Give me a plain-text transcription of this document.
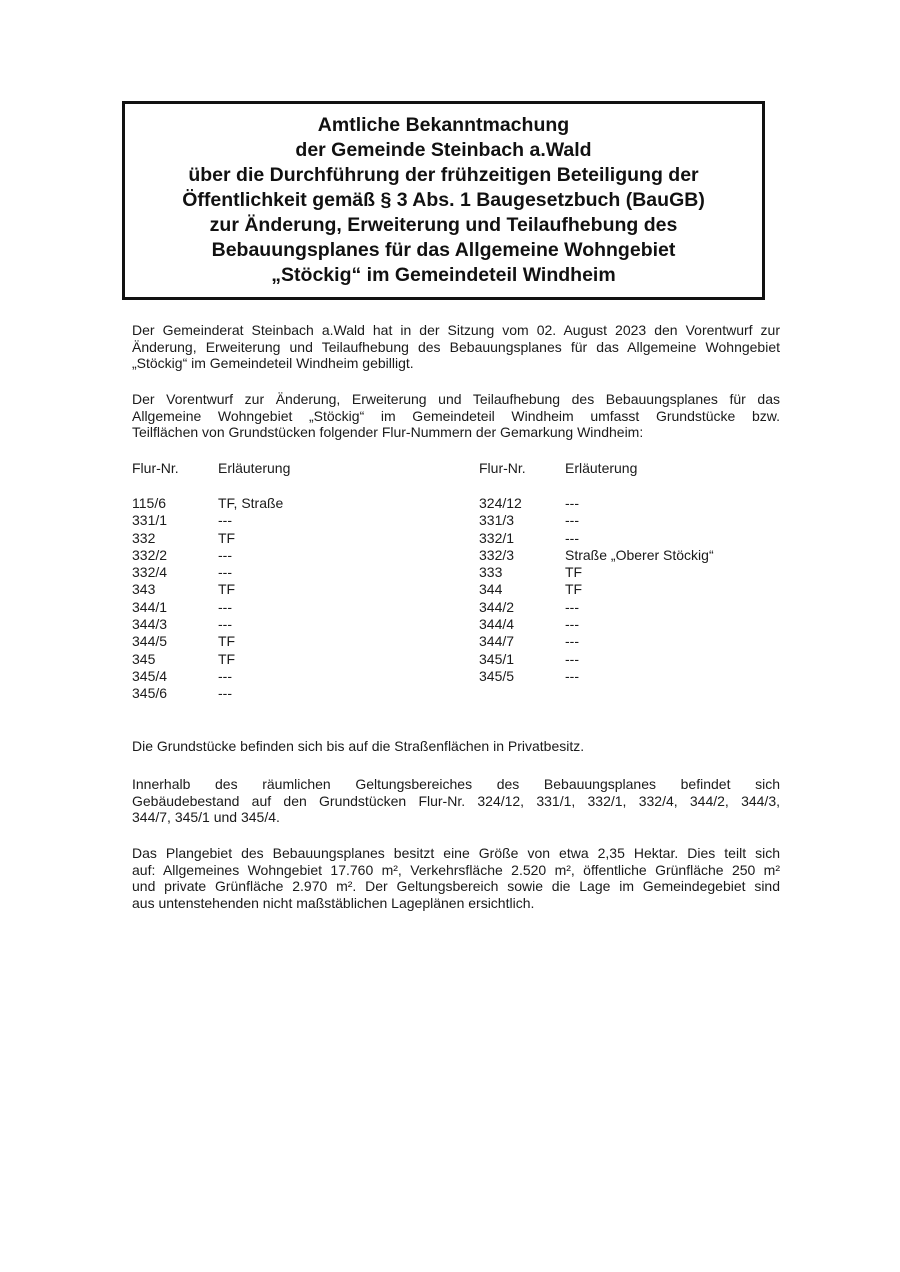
Amtliche Bekanntmachung
der Gemeinde Steinbach a.Wald
über die Durchführung der frühzeitigen Beteiligung der
Öffentlichkeit gemäß § 3 Abs. 1 Baugesetzbuch (BauGB)
zur Änderung, Erweiterung und Teilaufhebung des
Bebauungsplanes für das Allgemeine Wohngebiet
„Stöckig“ im Gemeindeteil Windheim
Der Gemeinderat Steinbach a.Wald hat in der Sitzung vom 02. August 2023 den Vorentwurf zur
Änderung, Erweiterung und Teilaufhebung des Bebauungsplanes für das Allgemeine Wohngebiet
„Stöckig“ im Gemeindeteil Windheim gebilligt.
Der Vorentwurf zur Änderung, Erweiterung und Teilaufhebung des Bebauungsplanes für das
Allgemeine Wohngebiet „Stöckig“ im Gemeindeteil Windheim umfasst Grundstücke bzw.
Teilflächen von Grundstücken folgender Flur-Nummern der Gemarkung Windheim:
Flur-Nr.	Erläuterung
115/6	TF, Straße
331/1	---
332	TF
332/2	---
332/4	---
343	TF
344/1	---
344/3	---
344/5	TF
345	TF
345/4	---
345/6	---
Flur-Nr.	Erläuterung
324/12	---
331/3	---
332/1	---
332/3	Straße „Oberer Stöckig“
333	TF
344	TF
344/2	---
344/4	---
344/7	---
345/1	---
345/5	---
Die Grundstücke befinden sich bis auf die Straßenflächen in Privatbesitz.
Innerhalb des räumlichen Geltungsbereiches des Bebauungsplanes befindet sich
Gebäudebestand auf den Grundstücken Flur-Nr. 324/12, 331/1, 332/1, 332/4, 344/2, 344/3,
344/7, 345/1 und 345/4.
Das Plangebiet des Bebauungsplanes besitzt eine Größe von etwa 2,35 Hektar. Dies teilt sich
auf: Allgemeines Wohngebiet 17.760 m², Verkehrsfläche 2.520 m², öffentliche Grünfläche 250 m²
und private Grünfläche 2.970 m². Der Geltungsbereich sowie die Lage im Gemeindegebiet sind
aus untenstehenden nicht maßstäblichen Lageplänen ersichtlich.
